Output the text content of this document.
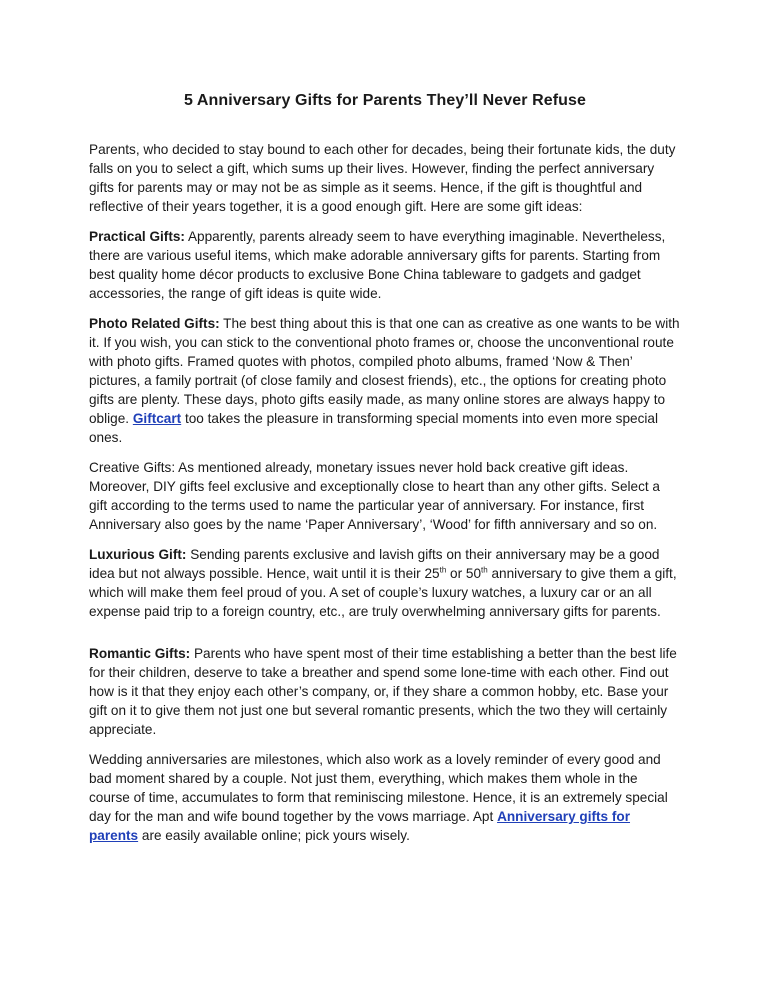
5 Anniversary Gifts for Parents They’ll Never Refuse

Parents, who decided to stay bound to each other for decades, being their fortunate kids, the duty falls on you to select a gift, which sums up their lives. However, finding the perfect anniversary gifts for parents may or may not be as simple as it seems. Hence, if the gift is thoughtful and reflective of their years together, it is a good enough gift. Here are some gift ideas:

Practical Gifts: Apparently, parents already seem to have everything imaginable. Nevertheless, there are various useful items, which make adorable anniversary gifts for parents. Starting from best quality home décor products to exclusive Bone China tableware to gadgets and gadget accessories, the range of gift ideas is quite wide.

Photo Related Gifts: The best thing about this is that one can as creative as one wants to be with it. If you wish, you can stick to the conventional photo frames or, choose the unconventional route with photo gifts. Framed quotes with photos, compiled photo albums, framed ‘Now & Then’ pictures, a family portrait (of close family and closest friends), etc., the options for creating photo gifts are plenty. These days, photo gifts easily made, as many online stores are always happy to oblige. Giftcart too takes the pleasure in transforming special moments into even more special ones.

Creative Gifts: As mentioned already, monetary issues never hold back creative gift ideas. Moreover, DIY gifts feel exclusive and exceptionally close to heart than any other gifts. Select a gift according to the terms used to name the particular year of anniversary. For instance, first Anniversary also goes by the name ‘Paper Anniversary’, ‘Wood’ for fifth anniversary and so on.

Luxurious Gift: Sending parents exclusive and lavish gifts on their anniversary may be a good idea but not always possible. Hence, wait until it is their 25th or 50th anniversary to give them a gift, which will make them feel proud of you. A set of couple’s luxury watches, a luxury car or an all expense paid trip to a foreign country, etc., are truly overwhelming anniversary gifts for parents.

Romantic Gifts: Parents who have spent most of their time establishing a better than the best life for their children, deserve to take a breather and spend some lone-time with each other. Find out how is it that they enjoy each other’s company, or, if they share a common hobby, etc. Base your gift on it to give them not just one but several romantic presents, which the two they will certainly appreciate.

Wedding anniversaries are milestones, which also work as a lovely reminder of every good and bad moment shared by a couple. Not just them, everything, which makes them whole in the course of time, accumulates to form that reminiscing milestone. Hence, it is an extremely special day for the man and wife bound together by the vows marriage. Apt Anniversary gifts for parents are easily available online; pick yours wisely.
